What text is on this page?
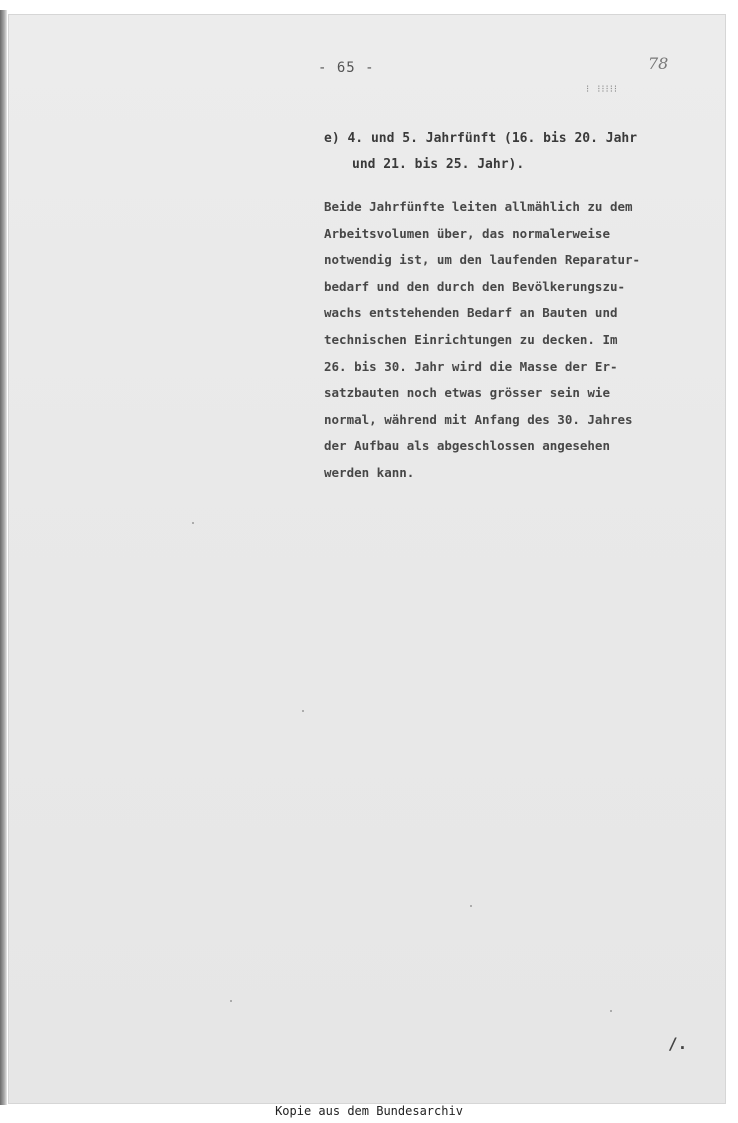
- 65 -	78
⁝ ⁝⁝⁝⁝⁝
e) 4. und 5. Jahrfünft (16. bis 20. Jahr
und 21. bis 25. Jahr).
Beide Jahrfünfte leiten allmählich zu dem
Arbeitsvolumen über, das normalerweise
notwendig ist, um den laufenden Reparatur-
bedarf und den durch den Bevölkerungszu-
wachs entstehenden Bedarf an Bauten und
technischen Einrichtungen zu decken. Im
26. bis 30. Jahr wird die Masse der Er-
satzbauten noch etwas grösser sein wie
normal, während mit Anfang des 30. Jahres
der Aufbau als abgeschlossen angesehen
werden kann.
/.
Kopie aus dem Bundesarchiv
